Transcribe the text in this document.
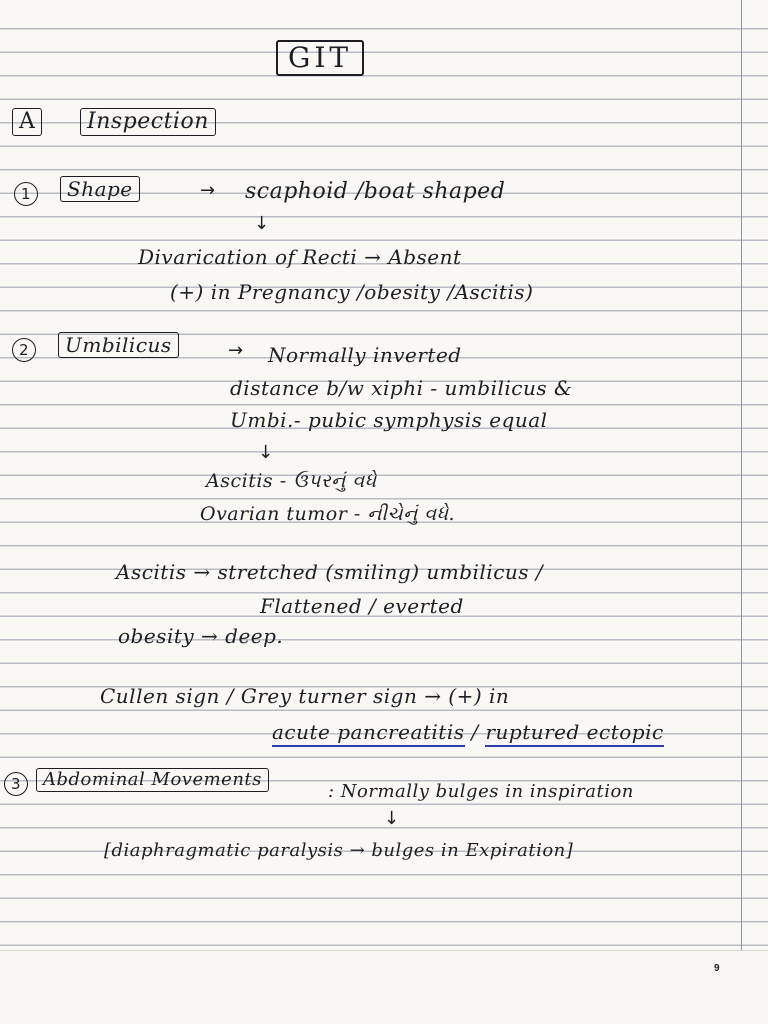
GIT
A	Inspection
1	Shape	→ scaphoid /boat shaped
↓
Divarication of Recti → Absent
(+) in Pregnancy /obesity /Ascitis)
2	Umbilicus	→ Normally inverted
distance b/w xiphi - umbilicus &
Umbi.- pubic symphysis equal
↓
Ascitis - ઉપરનું વધે
Ovarian tumor - નીચેનું વધે.
Ascitis → stretched (smiling) umbilicus /
Flattened / everted
obesity → deep.
Cullen sign / Grey turner sign → (+) in
acute pancreatitis / ruptured ectopic
3	Abdominal Movements
: Normally bulges in inspiration
↓
[diaphragmatic paralysis → bulges in Expiration]
9
